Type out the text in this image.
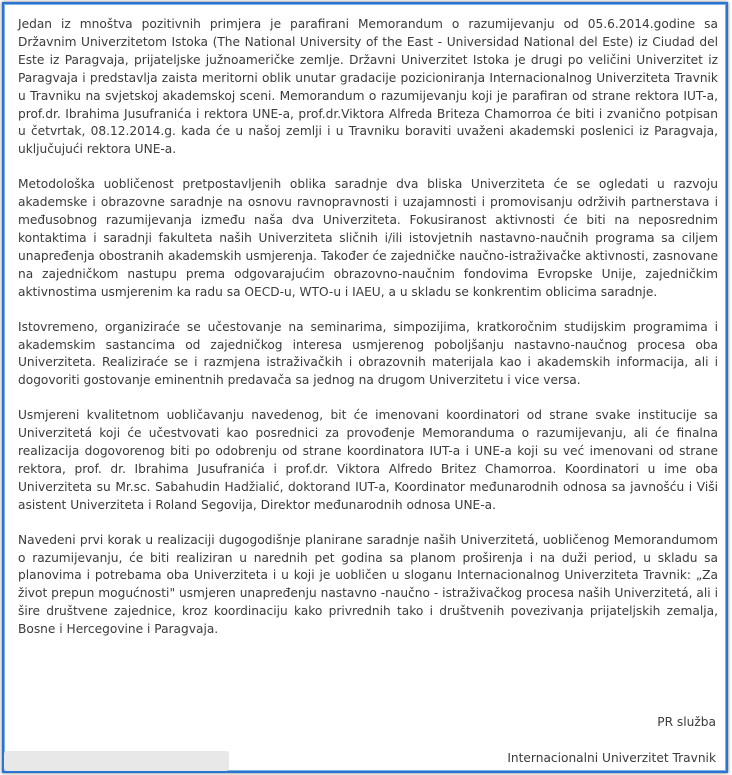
Jedan iz mnoštva pozitivnih primjera je parafirani Memorandum o razumijevanju od 05.6.2014.godine sa Državnim Univerzitetom Istoka (The National University of the East - Universidad National del Este) iz Ciudad del Este iz Paragvaja, prijateljske južnoameričke zemlje. Državni Univerzitet Istoka je drugi po veličini Univerzitet iz Paragvaja i predstavlja zaista meritorni oblik unutar gradacije pozicioniranja Internacionalnog Univerziteta Travnik u Travniku na svjetskoj akademskoj sceni. Memorandum o razumijevanju koji je parafiran od strane rektora IUT-a, prof.dr. Ibrahima Jusufranića i rektora UNE-a, prof.dr.Viktora Alfreda Briteza Chamorroa će biti i zvanično potpisan u četvrtak, 08.12.2014.g. kada će u našoj zemlji i u Travniku boraviti uvaženi akademski poslenici iz Paragvaja, uključujući rektora UNE-a.

Metodološka uobličenost pretpostavljenih oblika saradnje dva bliska Univerziteta će se ogledati u razvoju akademske i obrazovne saradnje na osnovu ravnopravnosti i uzajamnosti i promovisanju održivih partnerstava i međusobnog razumijevanja između naša dva Univerziteta. Fokusiranost aktivnosti će biti na neposrednim kontaktima i saradnji fakulteta naših Univerziteta sličnih i/ili istovjetnih nastavno-naučnih programa sa ciljem unapređenja obostranih akademskih usmjerenja. Također će zajedničke naučno-istraživačke aktivnosti, zasnovane na zajedničkom nastupu prema odgovarajućim obrazovno-naučnim fondovima Evropske Unije, zajedničkim aktivnostima usmjerenim ka radu sa OECD-u, WTO-u i IAEU, a u skladu se konkrentim oblicima saradnje.

Istovremeno, organiziraće se učestovanje na seminarima, simpozijima, kratkoročnim studijskim programima i akademskim sastancima od zajedničkog interesa usmjerenog poboljšanju nastavno-naučnog procesa oba Univerziteta. Realiziraće se i razmjena istraživačkih i obrazovnih materijala kao i akademskih informacija, ali i dogovoriti gostovanje eminentnih predavača sa jednog na drugom Univerzitetu i vice versa.

Usmjereni kvalitetnom uobličavanju navedenog, bit će imenovani koordinatori od strane svake institucije sa Univerzitetá koji će učestvovati kao posrednici za provođenje Memoranduma o razumijevanju, ali će finalna realizacija dogovorenog biti po odobrenju od strane koordinatora IUT-a i UNE-a koji su već imenovani od strane rektora, prof. dr. Ibrahima Jusufranića i prof.dr. Viktora Alfredo Britez Chamorroa. Koordinatori u ime oba Univerziteta su Mr.sc. Sabahudin Hadžialić, doktorand IUT-a, Koordinator međunarodnih odnosa sa javnošću i Viši asistent Univerziteta i Roland Segovija, Direktor međunarodnih odnosa UNE-a.

Navedeni prvi korak u realizaciji dugogodišnje planirane saradnje naših Univerzitetá, uobličenog Memorandumom o razumijevanju, će biti realiziran u narednih pet godina sa planom proširenja i na duži period, u skladu sa planovima i potrebama oba Univerziteta i u koji je uobličen u sloganu Internacionalnog Univerziteta Travnik: „Za život prepun mogućnosti" usmjeren unapređenju nastavno -naučno - istraživačkog procesa naših Univerzitetá, ali i šire društvene zajednice, kroz koordinaciju kako privrednih tako i društvenih povezivanja prijateljskih zemalja, Bosne i Hercegovine i Paragvaja.

PR služba
Internacionalni Univerzitet Travnik
